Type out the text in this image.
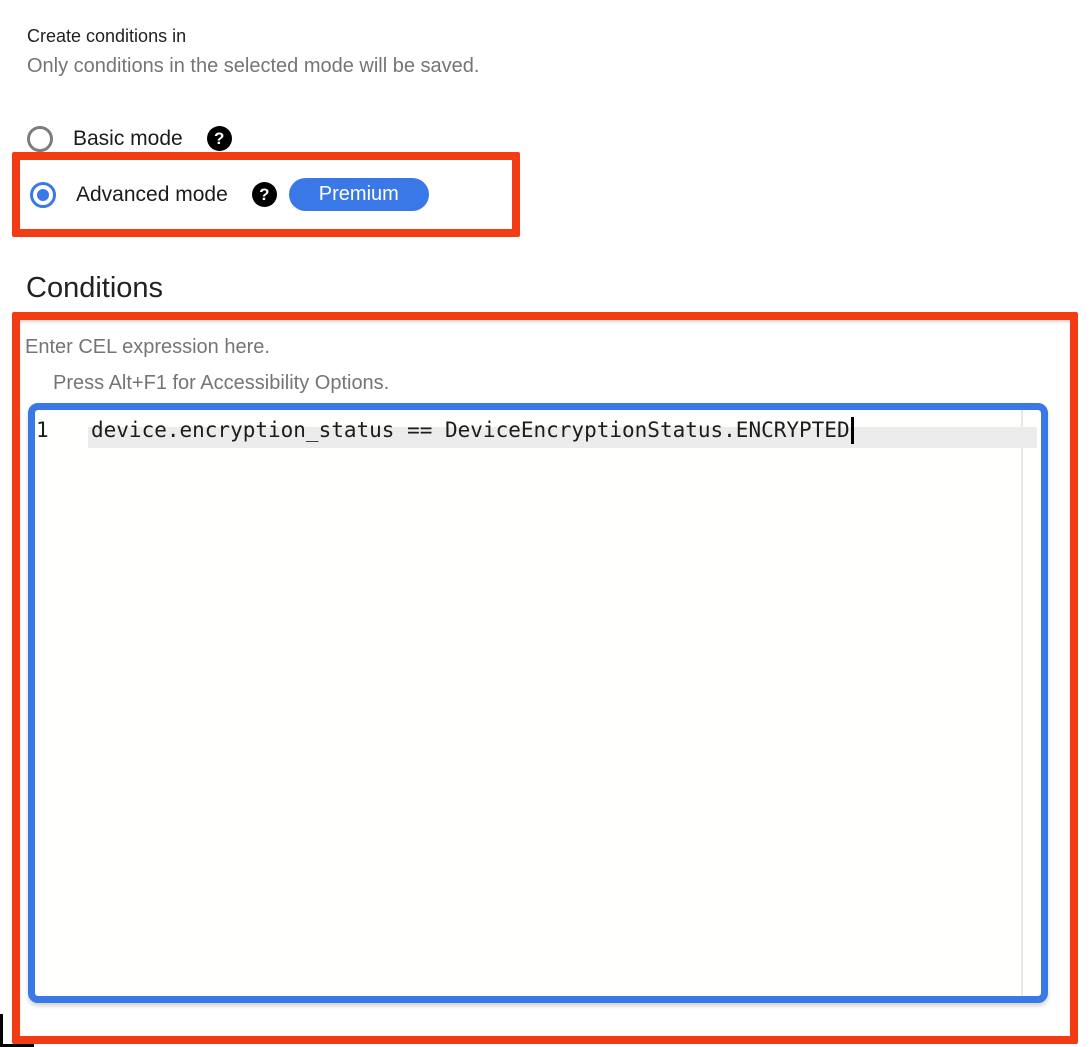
Create conditions in
Only conditions in the selected mode will be saved.
Basic mode	?
Advanced mode	?	Premium
Conditions
Enter CEL expression here.
Press Alt+F1 for Accessibility Options.
1	device.encryption_status == DeviceEncryptionStatus.ENCRYPTED
